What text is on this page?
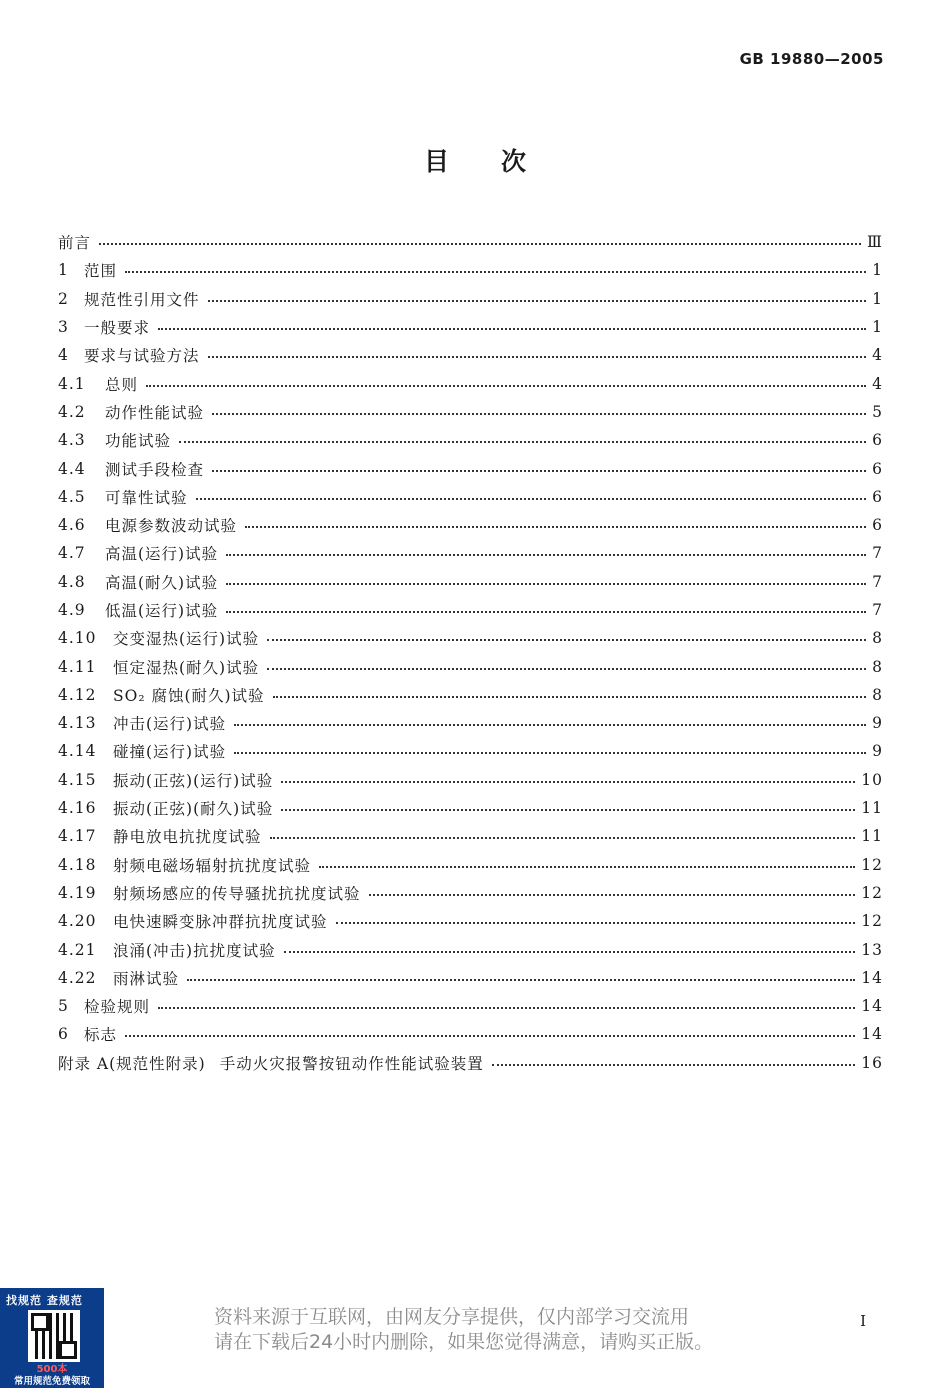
GB 19880—2005
目次
前言	Ⅲ
1 范围	1
2 规范性引用文件	1
3 一般要求	1
4 要求与试验方法	4
4.1	总则	4
4.2	动作性能试验	5
4.3	功能试验	6
4.4	测试手段检查	6
4.5	可靠性试验	6
4.6	电源参数波动试验	6
4.7	高温(运行)试验	7
4.8	高温(耐久)试验	7
4.9	低温(运行)试验	7
4.10	交变湿热(运行)试验	8
4.11	恒定湿热(耐久)试验	8
4.12	SO₂ 腐蚀(耐久)试验	8
4.13	冲击(运行)试验	9
4.14	碰撞(运行)试验	9
4.15	振动(正弦)(运行)试验	10
4.16	振动(正弦)(耐久)试验	11
4.17	静电放电抗扰度试验	11
4.18	射频电磁场辐射抗扰度试验	12
4.19	射频场感应的传导骚扰抗扰度试验	12
4.20	电快速瞬变脉冲群抗扰度试验	12
4.21	浪涌(冲击)抗扰度试验	13
4.22	雨淋试验	14
5 检验规则	14
6 标志	14
附录 A(规范性附录) 手动火灾报警按钮动作性能试验装置	16
资料来源于互联网，由网友分享提供，仅内部学习交流用
请在下载后24小时内删除，如果您觉得满意，请购买正版。
I
找规范 查规范
500本
常用规范免费领取
